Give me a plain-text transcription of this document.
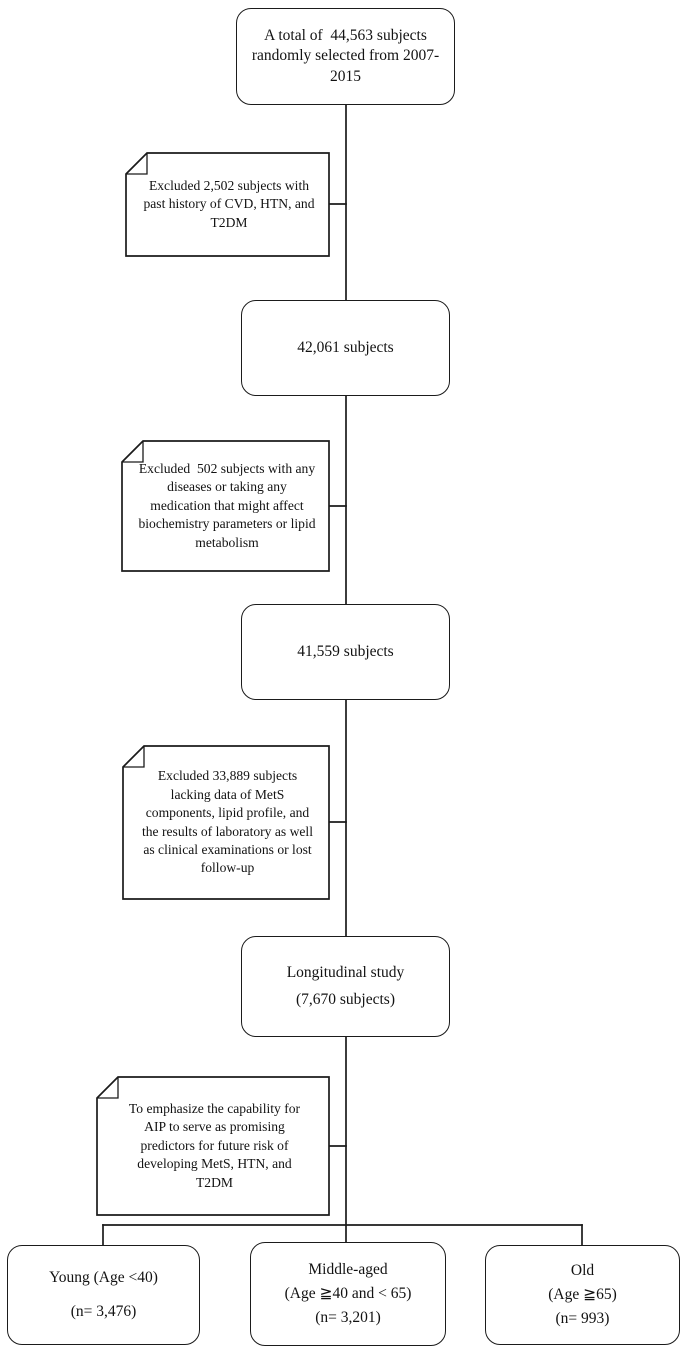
Excluded 2,502 subjects with
past history of CVD, HTN, and
T2DM
Excluded  502 subjects with any
diseases or taking any
medication that might affect
biochemistry parameters or lipid
metabolism
Excluded 33,889 subjects
lacking data of MetS
components, lipid profile, and
the results of laboratory as well
as clinical examinations or lost
follow-up
To emphasize the capability for
AIP to serve as promising
predictors for future risk of
developing MetS, HTN, and
T2DM
A total of  44,563 subjects
randomly selected from 2007-
2015
42,061 subjects
41,559 subjects
Longitudinal study
(7,670 subjects)
Young (Age <40)
(n= 3,476)
Middle-aged
(Age ≧40 and < 65)
(n= 3,201)
Old
(Age ≧65)
(n= 993)
